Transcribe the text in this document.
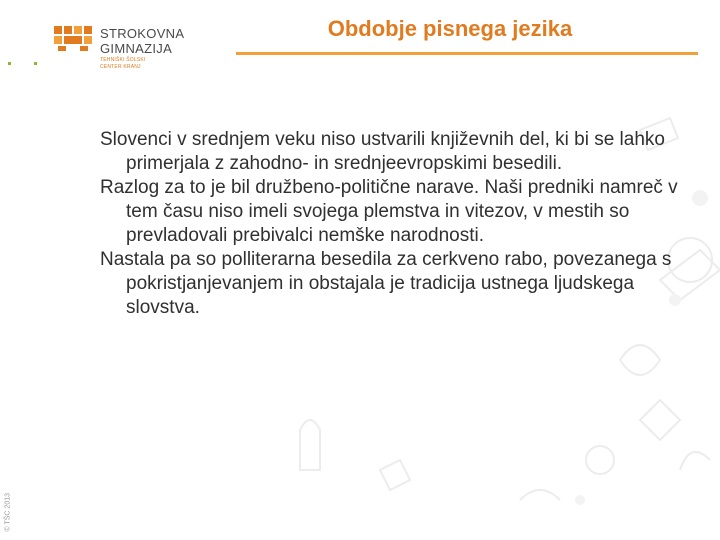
STROKOVNA
GIMNAZIJA
TEHNIŠKI ŠOLSKI
CENTER KRANJ
Obdobje pisnega jezika

Slovenci v srednjem veku niso ustvarili književnih del, ki bi se lahko primerjala z zahodno- in srednjeevropskimi besedili.

Razlog za to je bil družbeno-politične narave. Naši predniki namreč v tem času niso imeli svojega plemstva in vitezov, v mestih so prevladovali prebivalci nemške narodnosti.

Nastala pa so polliterarna besedila za cerkveno rabo, povezanega s pokristjanjevanjem in obstajala je tradicija ustnega ljudskega slovstva.

© TŠC 2013
